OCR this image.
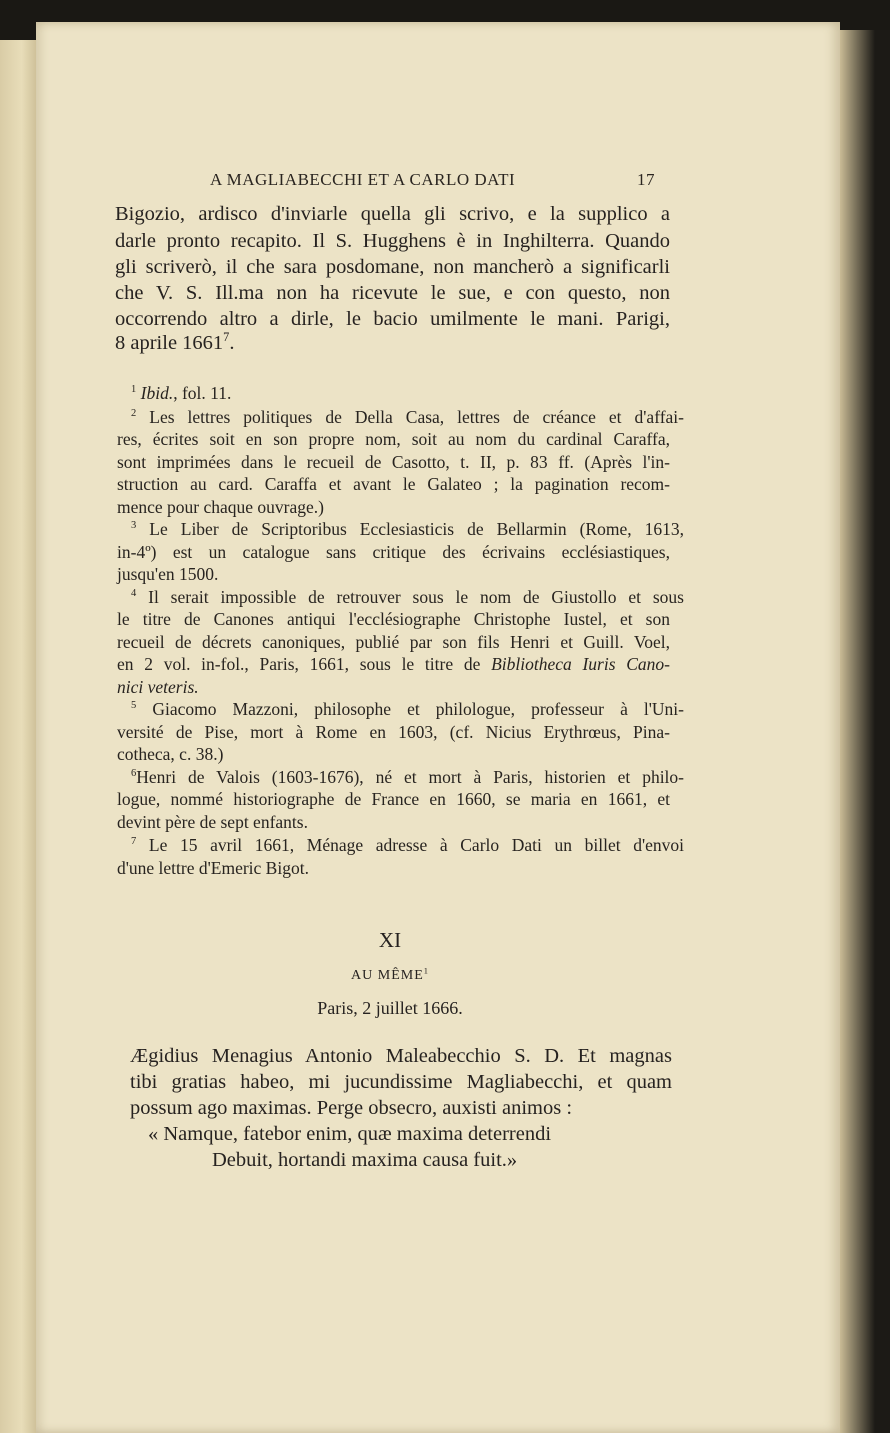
A MAGLIABECCHI ET A CARLO DATI	17
Bigozio, ardisco d'inviarle quella gli scrivo, e la supplico a
darle pronto recapito. Il S. Hugghens è in Inghilterra. Quando
gli scriverò, il che sara posdomane, non mancherò a significarli
che V. S. Ill.ma non ha ricevute le sue, e con questo, non
occorrendo altro a dirle, le bacio umilmente le mani. Parigi,
8 aprile 1661$^7$.
$^1$ Ibid., fol. 11.
$^2$ Les lettres politiques de Della Casa, lettres de créance et d'affai-
res, écrites soit en son propre nom, soit au nom du cardinal Caraffa,
sont imprimées dans le recueil de Casotto, t. II, p. 83 ff. (Après l'in-
struction au card. Caraffa et avant le Galateo ; la pagination recom-
mence pour chaque ouvrage.)
$^3$ Le Liber de Scriptoribus Ecclesiasticis de Bellarmin (Rome, 1613,
in-4º) est un catalogue sans critique des écrivains ecclésiastiques,
jusqu'en 1500.
$^4$ Il serait impossible de retrouver sous le nom de Giustollo et sous
le titre de Canones antiqui l'ecclésiographe Christophe Iustel, et son
recueil de décrets canoniques, publié par son fils Henri et Guill. Voel,
en 2 vol. in-fol., Paris, 1661, sous le titre de Bibliotheca Iuris Cano-
nici veteris.
$^5$ Giacomo Mazzoni, philosophe et philologue, professeur à l'Uni-
versité de Pise, mort à Rome en 1603, (cf. Nicius Erythrœus, Pina-
cotheca, c. 38.)
$^6$Henri de Valois (1603-1676), né et mort à Paris, historien et philo-
logue, nommé historiographe de France en 1660, se maria en 1661, et
devint père de sept enfants.
$^7$ Le 15 avril 1661, Ménage adresse à Carlo Dati un billet d'envoi
d'une lettre d'Emeric Bigot.
XI
AU MÊME$^1$
Paris, 2 juillet 1666.
Ægidius Menagius Antonio Maleabecchio S. D. Et magnas
tibi gratias habeo, mi jucundissime Magliabecchi, et quam
possum ago maximas. Perge obsecro, auxisti animos :
« Namque, fatebor enim, quæ maxima deterrendi
Debuit, hortandi maxima causa fuit.»
